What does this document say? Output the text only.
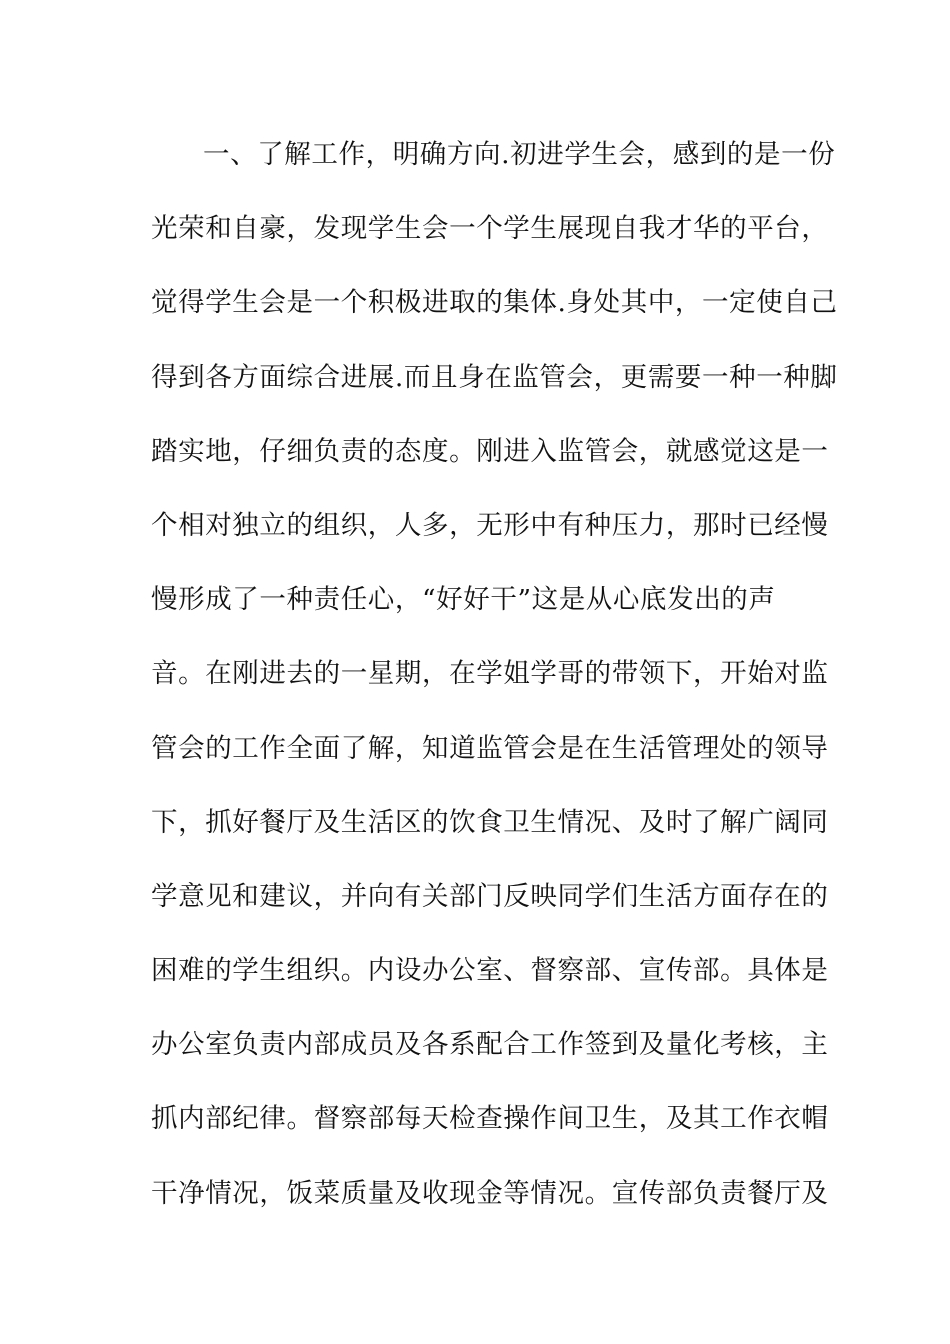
一、了解工作，明确方向.初进学生会，感到的是一份
光荣和自豪，发现学生会一个学生展现自我才华的平台，
觉得学生会是一个积极进取的集体.身处其中，一定使自己
得到各方面综合进展.而且身在监管会，更需要一种一种脚
踏实地，仔细负责的态度。刚进入监管会，就感觉这是一
个相对独立的组织，人多，无形中有种压力，那时已经慢
慢形成了一种责任心，“好好干”这是从心底发出的声
音。在刚进去的一星期，在学姐学哥的带领下，开始对监
管会的工作全面了解，知道监管会是在生活管理处的领导
下，抓好餐厅及生活区的饮食卫生情况、及时了解广阔同
学意见和建议，并向有关部门反映同学们生活方面存在的
困难的学生组织。内设办公室、督察部、宣传部。具体是
办公室负责内部成员及各系配合工作签到及量化考核，主
抓内部纪律。督察部每天检查操作间卫生，及其工作衣帽
干净情况，饭菜质量及收现金等情况。宣传部负责餐厅及
